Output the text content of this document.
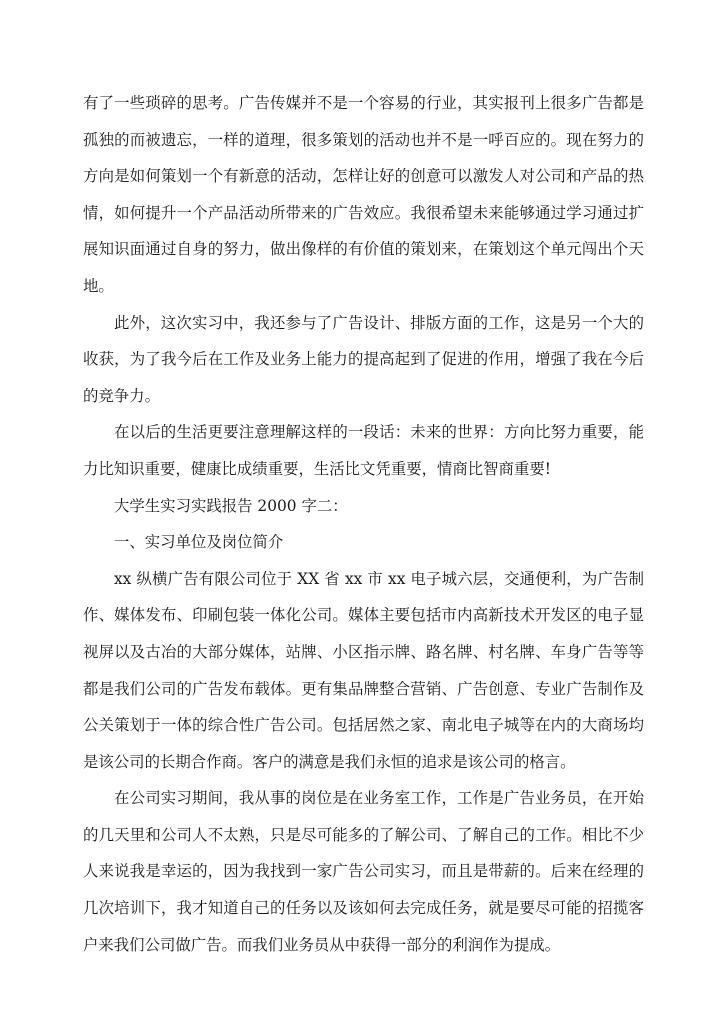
有了一些琐碎的思考。广告传媒并不是一个容易的行业，其实报刊上很多广告都是孤独的而被遗忘，一样的道理，很多策划的活动也并不是一呼百应的。现在努力的方向是如何策划一个有新意的活动，怎样让好的创意可以激发人对公司和产品的热情，如何提升一个产品活动所带来的广告效应。我很希望未来能够通过学习通过扩展知识面通过自身的努力，做出像样的有价值的策划来，在策划这个单元闯出个天地。

此外，这次实习中，我还参与了广告设计、排版方面的工作，这是另一个大的收获，为了我今后在工作及业务上能力的提高起到了促进的作用，增强了我在今后的竞争力。

在以后的生活更要注意理解这样的一段话：未来的世界：方向比努力重要，能力比知识重要，健康比成绩重要，生活比文凭重要，情商比智商重要!

大学生实习实践报告 2000 字二：

一、实习单位及岗位简介

xx 纵横广告有限公司位于 XX 省 xx 市 xx 电子城六层，交通便利，为广告制作、媒体发布、印刷包装一体化公司。媒体主要包括市内高新技术开发区的电子显视屏以及古冶的大部分媒体，站牌、小区指示牌、路名牌、村名牌、车身广告等等都是我们公司的广告发布载体。更有集品牌整合营销、广告创意、专业广告制作及公关策划于一体的综合性广告公司。包括居然之家、南北电子城等在内的大商场均是该公司的长期合作商。客户的满意是我们永恒的追求是该公司的格言。

在公司实习期间，我从事的岗位是在业务室工作，工作是广告业务员，在开始的几天里和公司人不太熟，只是尽可能多的了解公司、了解自己的工作。相比不少人来说我是幸运的，因为我找到一家广告公司实习，而且是带薪的。后来在经理的几次培训下，我才知道自己的任务以及该如何去完成任务，就是要尽可能的招揽客户来我们公司做广告。而我们业务员从中获得一部分的利润作为提成。
